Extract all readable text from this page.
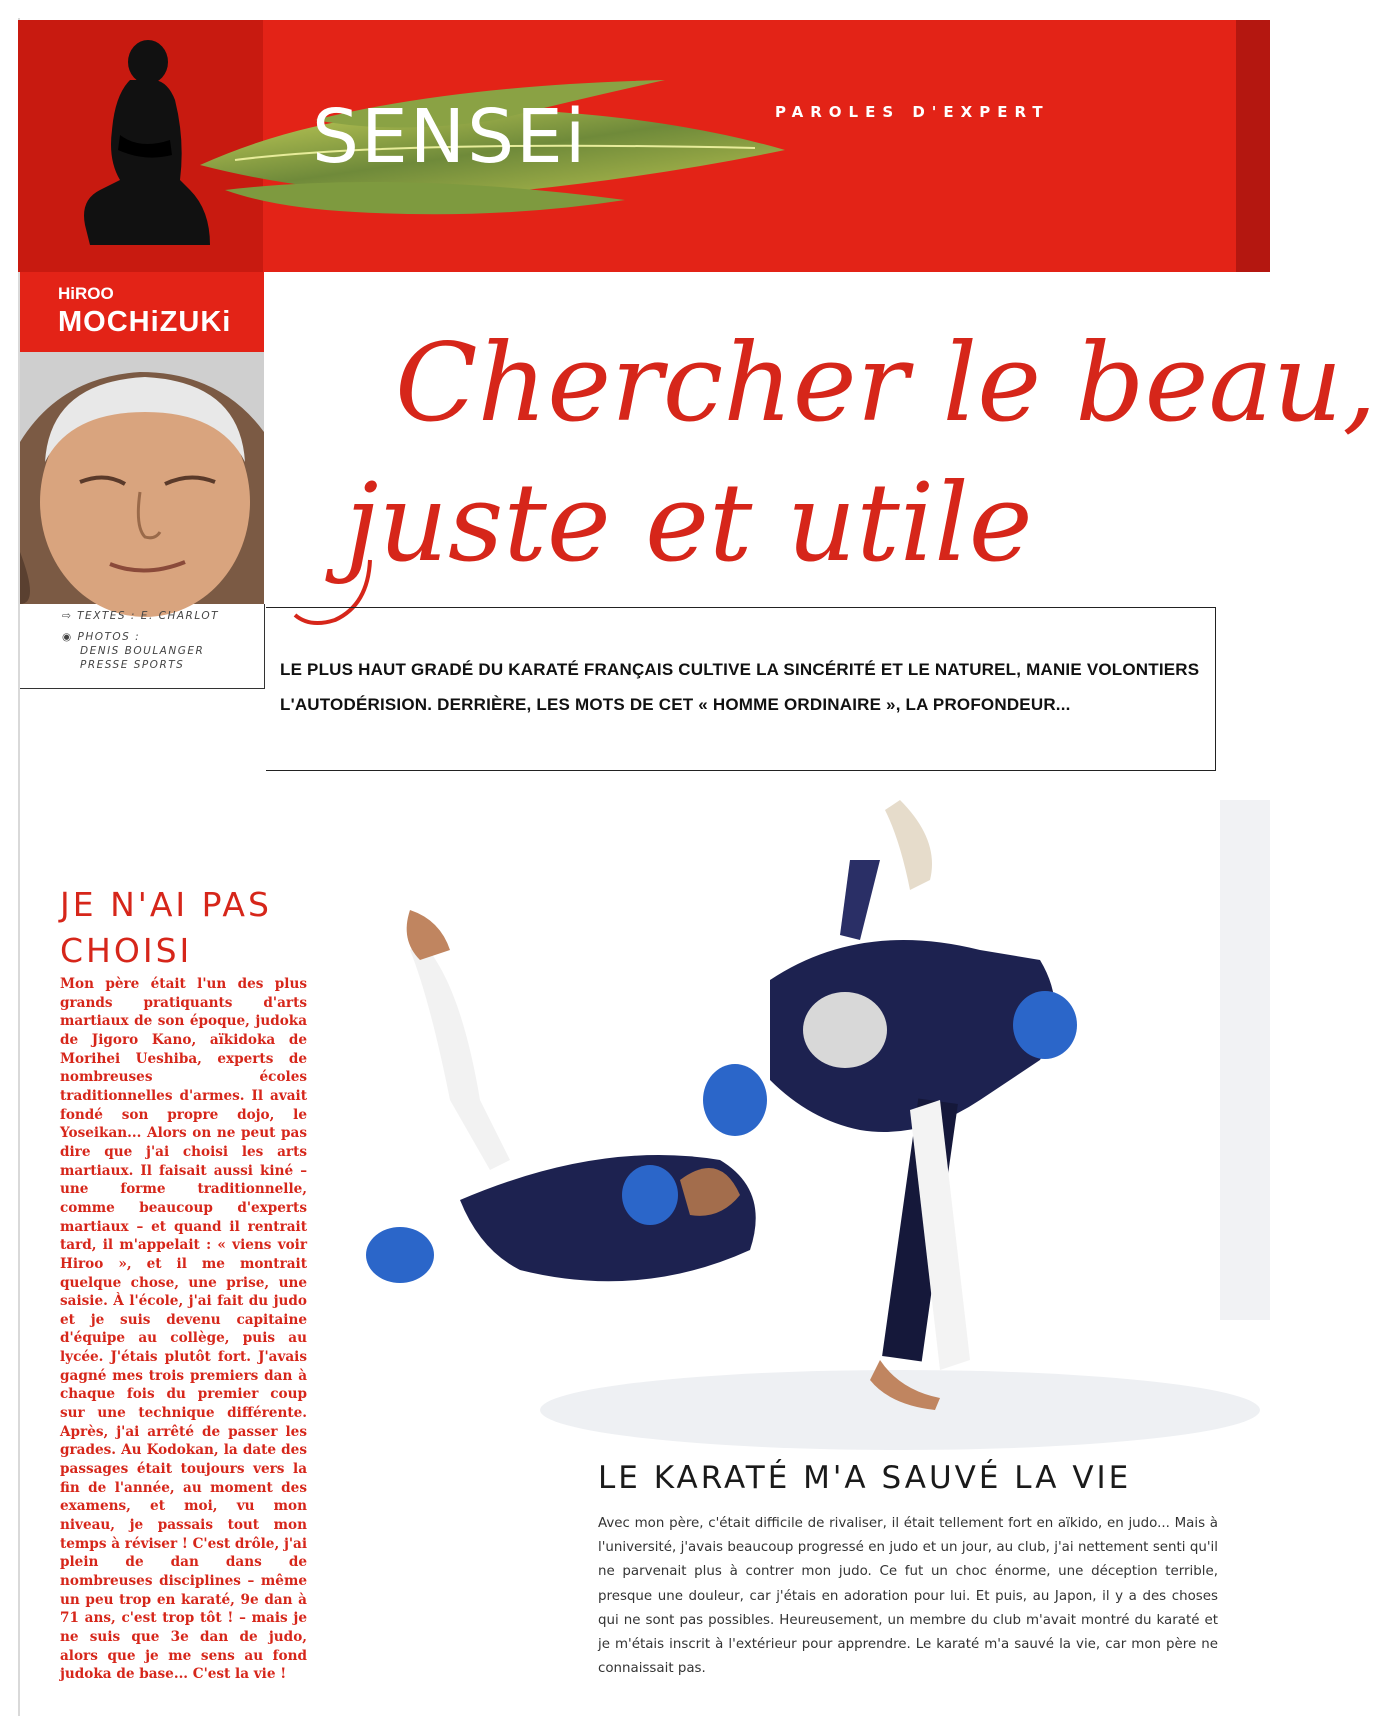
SENSEi	PAROLES D'EXPERT
HiROO
MOCHiZUKi
⇨ TEXTES : E. CHARLOT
◉ PHOTOS :
DENIS BOULANGER
PRESSE SPORTS
Chercher le beau,
juste et utile
LE PLUS HAUT GRADÉ DU KARATÉ FRANÇAIS CULTIVE LA SINCÉRITÉ ET LE NATUREL, MANIE VOLONTIERS L'AUTODÉRISION. DERRIÈRE, LES MOTS DE CET « HOMME ORDINAIRE », LA PROFONDEUR...
JE N'AI PAS CHOISI
Mon père était l'un des plus grands pratiquants d'arts martiaux de son époque, judoka de Jigoro Kano, aïkidoka de Morihei Ueshiba, experts de nombreuses écoles traditionnelles d'armes. Il avait fondé son propre dojo, le Yoseikan... Alors on ne peut pas dire que j'ai choisi les arts martiaux. Il faisait aussi kiné – une forme traditionnelle, comme beaucoup d'experts martiaux – et quand il rentrait tard, il m'appelait : « viens voir Hiroo », et il me montrait quelque chose, une prise, une saisie. À l'école, j'ai fait du judo et je suis devenu capitaine d'équipe au collège, puis au lycée. J'étais plutôt fort. J'avais gagné mes trois premiers dan à chaque fois du premier coup sur une technique différente. Après, j'ai arrêté de passer les grades. Au Kodokan, la date des passages était toujours vers la fin de l'année, au moment des examens, et moi, vu mon niveau, je passais tout mon temps à réviser ! C'est drôle, j'ai plein de dan dans de nombreuses disciplines – même un peu trop en karaté, 9e dan à 71 ans, c'est trop tôt ! – mais je ne suis que 3e dan de judo, alors que je me sens au fond judoka de base... C'est la vie !
LE KARATÉ M'A SAUVÉ LA VIE
Avec mon père, c'était difficile de rivaliser, il était tellement fort en aïkido, en judo... Mais à l'université, j'avais beaucoup progressé en judo et un jour, au club, j'ai nettement senti qu'il ne parvenait plus à contrer mon judo. Ce fut un choc énorme, une déception terrible, presque une douleur, car j'étais en adoration pour lui. Et puis, au Japon, il y a des choses qui ne sont pas possibles. Heureusement, un membre du club m'avait montré du karaté et je m'étais inscrit à l'extérieur pour apprendre. Le karaté m'a sauvé la vie, car mon père ne connaissait pas.
